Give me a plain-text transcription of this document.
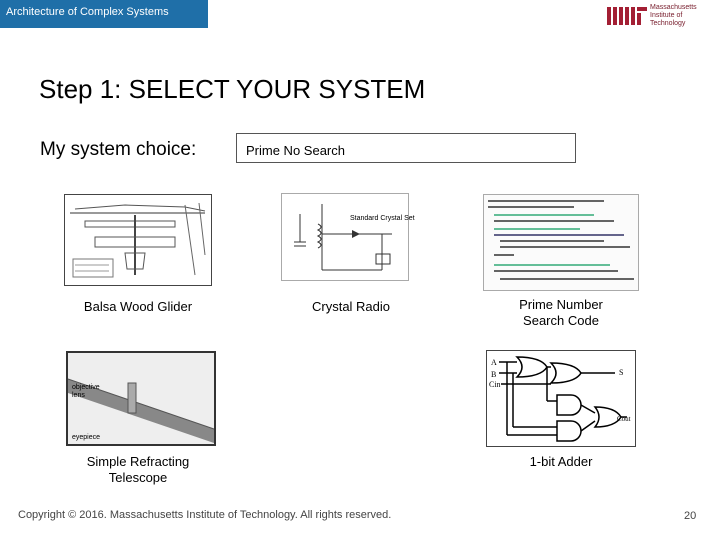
Architecture of Complex Systems	Massachusetts
Institute of
Technology
Step 1: SELECT YOUR SYSTEM
My system choice:	Prime No Search
Balsa Wood Glider
Standard Crystal Set
Crystal Radio	Prime Number
Search Code
objective
lens
eyepiece
Simple Refracting
Telescope
A
B
Cin
S
Cout
1-bit Adder
Copyright © 2016. Massachusetts Institute of Technology. All rights reserved.	20
